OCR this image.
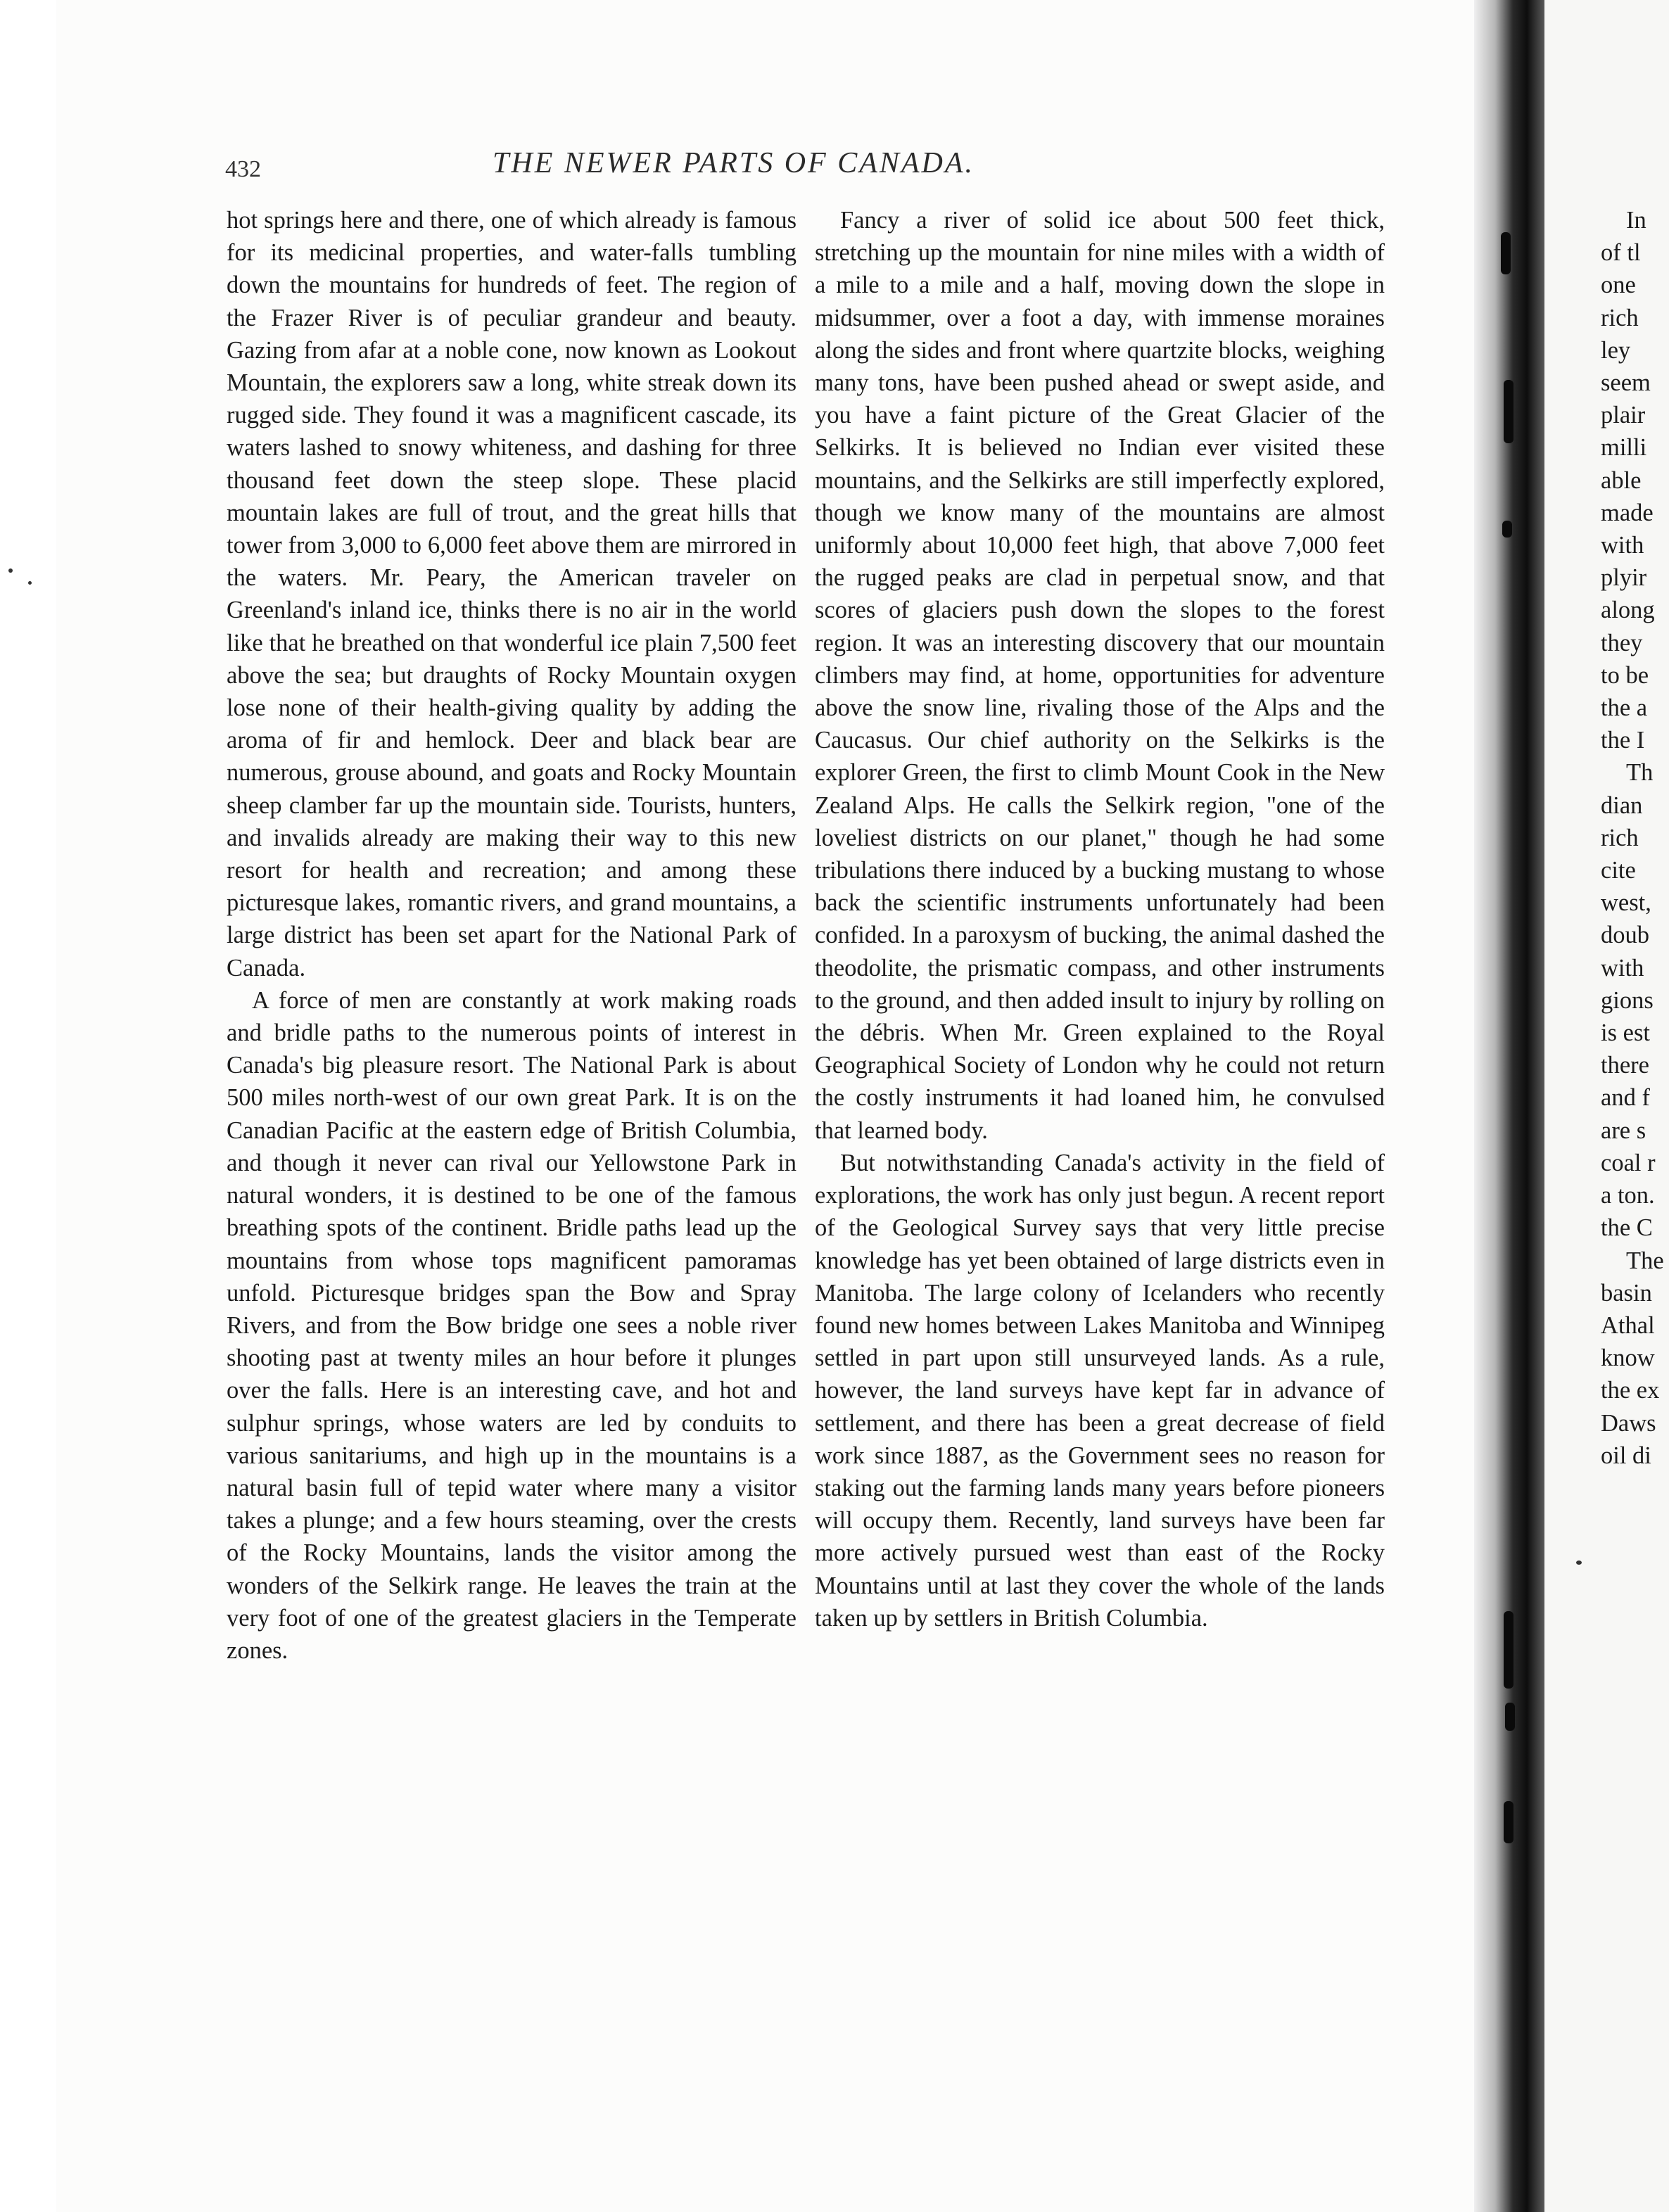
432	THE NEWER PARTS OF CANADA.

hot springs here and there, one of which already is famous for its medicinal properties, and water-falls tumbling down the mountains for hundreds of feet. The region of the Frazer River is of peculiar grandeur and beauty. Gazing from afar at a noble cone, now known as Lookout Mountain, the explorers saw a long, white streak down its rugged side. They found it was a magnificent cascade, its waters lashed to snowy whiteness, and dashing for three thousand feet down the steep slope. These placid mountain lakes are full of trout, and the great hills that tower from 3,000 to 6,000 feet above them are mirrored in the waters. Mr. Peary, the American traveler on Greenland's inland ice, thinks there is no air in the world like that he breathed on that wonderful ice plain 7,500 feet above the sea; but draughts of Rocky Mountain oxygen lose none of their health-giving quality by adding the aroma of fir and hemlock. Deer and black bear are numerous, grouse abound, and goats and Rocky Mountain sheep clamber far up the mountain side. Tourists, hunters, and invalids already are making their way to this new resort for health and recreation; and among these picturesque lakes, romantic rivers, and grand mountains, a large district has been set apart for the National Park of Canada.

A force of men are constantly at work making roads and bridle paths to the numerous points of interest in Canada's big pleasure resort. The National Park is about 500 miles north-west of our own great Park. It is on the Canadian Pacific at the eastern edge of British Columbia, and though it never can rival our Yellowstone Park in natural wonders, it is destined to be one of the famous breathing spots of the continent. Bridle paths lead up the mountains from whose tops magnificent pamoramas unfold. Picturesque bridges span the Bow and Spray Rivers, and from the Bow bridge one sees a noble river shooting past at twenty miles an hour before it plunges over the falls. Here is an interesting cave, and hot and sulphur springs, whose waters are led by conduits to various sanitariums, and high up in the mountains is a natural basin full of tepid water where many a visitor takes a plunge; and a few hours steaming, over the crests of the Rocky Mountains, lands the visitor among the wonders of the Selkirk range. He leaves the train at the very foot of one of the greatest glaciers in the Temperate zones.

Fancy a river of solid ice about 500 feet thick, stretching up the mountain for nine miles with a width of a mile to a mile and a half, moving down the slope in midsummer, over a foot a day, with immense moraines along the sides and front where quartzite blocks, weighing many tons, have been pushed ahead or swept aside, and you have a faint picture of the Great Glacier of the Selkirks. It is believed no Indian ever visited these mountains, and the Selkirks are still imperfectly explored, though we know many of the mountains are almost uniformly about 10,000 feet high, that above 7,000 feet the rugged peaks are clad in perpetual snow, and that scores of glaciers push down the slopes to the forest region. It was an interesting discovery that our mountain climbers may find, at home, opportunities for adventure above the snow line, rivaling those of the Alps and the Caucasus. Our chief authority on the Selkirks is the explorer Green, the first to climb Mount Cook in the New Zealand Alps. He calls the Selkirk region, "one of the loveliest districts on our planet," though he had some tribulations there induced by a bucking mustang to whose back the scientific instruments unfortunately had been confided. In a paroxysm of bucking, the animal dashed the theodolite, the prismatic compass, and other instruments to the ground, and then added insult to injury by rolling on the débris. When Mr. Green explained to the Royal Geographical Society of London why he could not return the costly instruments it had loaned him, he convulsed that learned body.

But notwithstanding Canada's activity in the field of explorations, the work has only just begun. A recent report of the Geological Survey says that very little precise knowledge has yet been obtained of large districts even in Manitoba. The large colony of Icelanders who recently found new homes between Lakes Manitoba and Winnipeg settled in part upon still unsurveyed lands. As a rule, however, the land surveys have kept far in advance of settlement, and there has been a great decrease of field work since 1887, as the Government sees no reason for staking out the farming lands many years before pioneers will occupy them. Recently, land surveys have been far more actively pursued west than east of the Rocky Mountains until at last they cover the whole of the lands taken up by settlers in British Columbia.

In
of tl
one
rich
ley
seem
plair
milli
able
made
with
plyir
along
they
to be
the a
the I
Th
dian
rich
cite
west,
doub
with
gions
is est
there
and f
are s
coal r
a ton.
the C
The
basin
Athal
know
the ex
Daws
oil di
